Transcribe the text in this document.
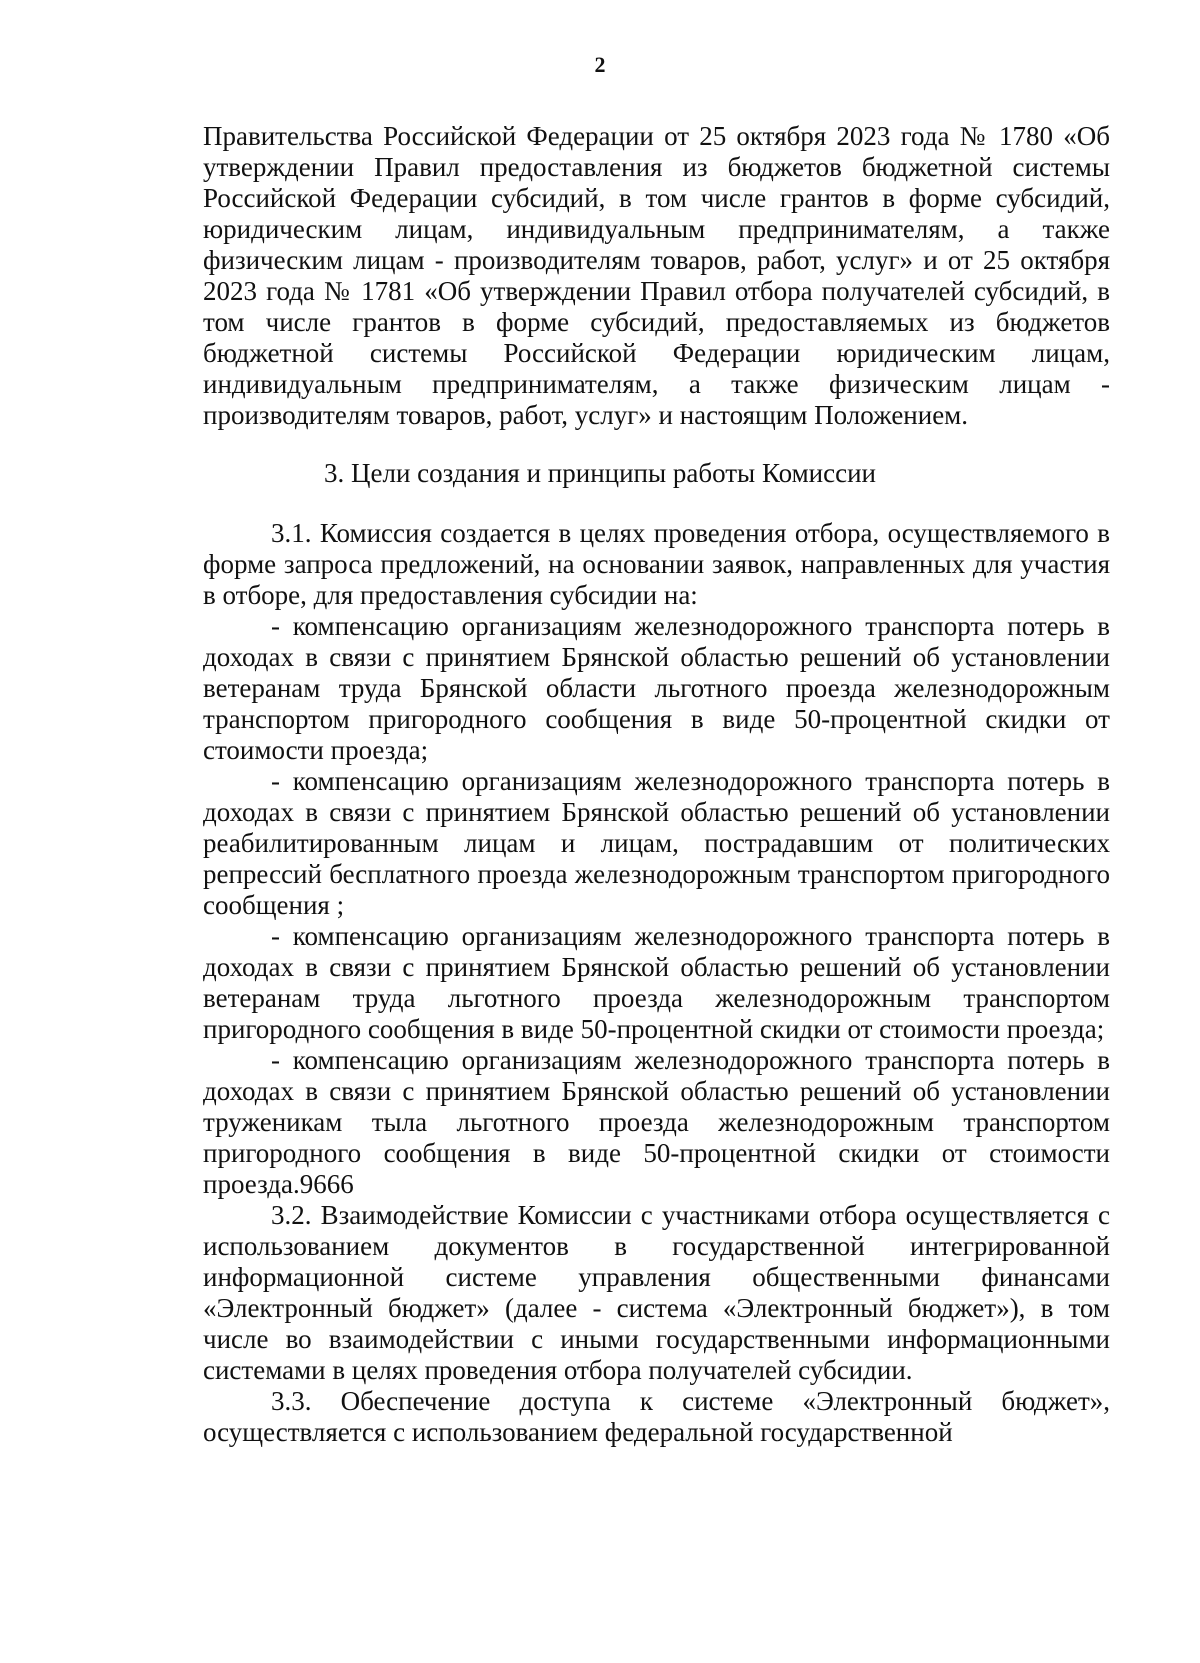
2

Правительства Российской Федерации от 25 октября 2023 года № 1780 «Об утверждении Правил предоставления из бюджетов бюджетной системы Российской Федерации субсидий, в том числе грантов в форме субсидий, юридическим лицам, индивидуальным предпринимателям, а также физическим лицам - производителям товаров, работ, услуг» и от 25 октября 2023 года № 1781 «Об утверждении Правил отбора получателей субсидий, в том числе грантов в форме субсидий, предоставляемых из бюджетов бюджетной системы Российской Федерации юридическим лицам, индивидуальным предпринимателям, а также физическим лицам - производителям товаров, работ, услуг» и настоящим Положением.

3. Цели создания и принципы работы Комиссии

3.1. Комиссия создается в целях проведения отбора, осуществляемого в форме запроса предложений, на основании заявок, направленных для участия в отборе, для предоставления субсидии на:

- компенсацию организациям железнодорожного транспорта потерь в доходах в связи с принятием Брянской областью решений об установлении ветеранам труда Брянской области льготного проезда железнодорожным транспортом пригородного сообщения в виде 50-процентной скидки от стоимости проезда;

- компенсацию организациям железнодорожного транспорта потерь в доходах в связи с принятием Брянской областью решений об установлении реабилитированным лицам и лицам, пострадавшим от политических репрессий бесплатного проезда железнодорожным транспортом пригородного сообщения ;

- компенсацию организациям железнодорожного транспорта потерь в доходах в связи с принятием Брянской областью решений об установлении ветеранам труда льготного проезда железнодорожным транспортом пригородного сообщения в виде 50-процентной скидки от стоимости проезда;

- компенсацию организациям железнодорожного транспорта потерь в доходах в связи с принятием Брянской областью решений об установлении труженикам тыла льготного проезда железнодорожным транспортом пригородного сообщения в виде 50-процентной скидки от стоимости проезда.9666

3.2. Взаимодействие Комиссии с участниками отбора осуществляется с использованием документов в государственной интегрированной информационной системе управления общественными финансами «Электронный бюджет» (далее - система «Электронный бюджет»), в том числе во взаимодействии с иными государственными информационными системами в целях проведения отбора получателей субсидии.

3.3. Обеспечение доступа к системе «Электронный бюджет», осуществляется с использованием федеральной государственной
